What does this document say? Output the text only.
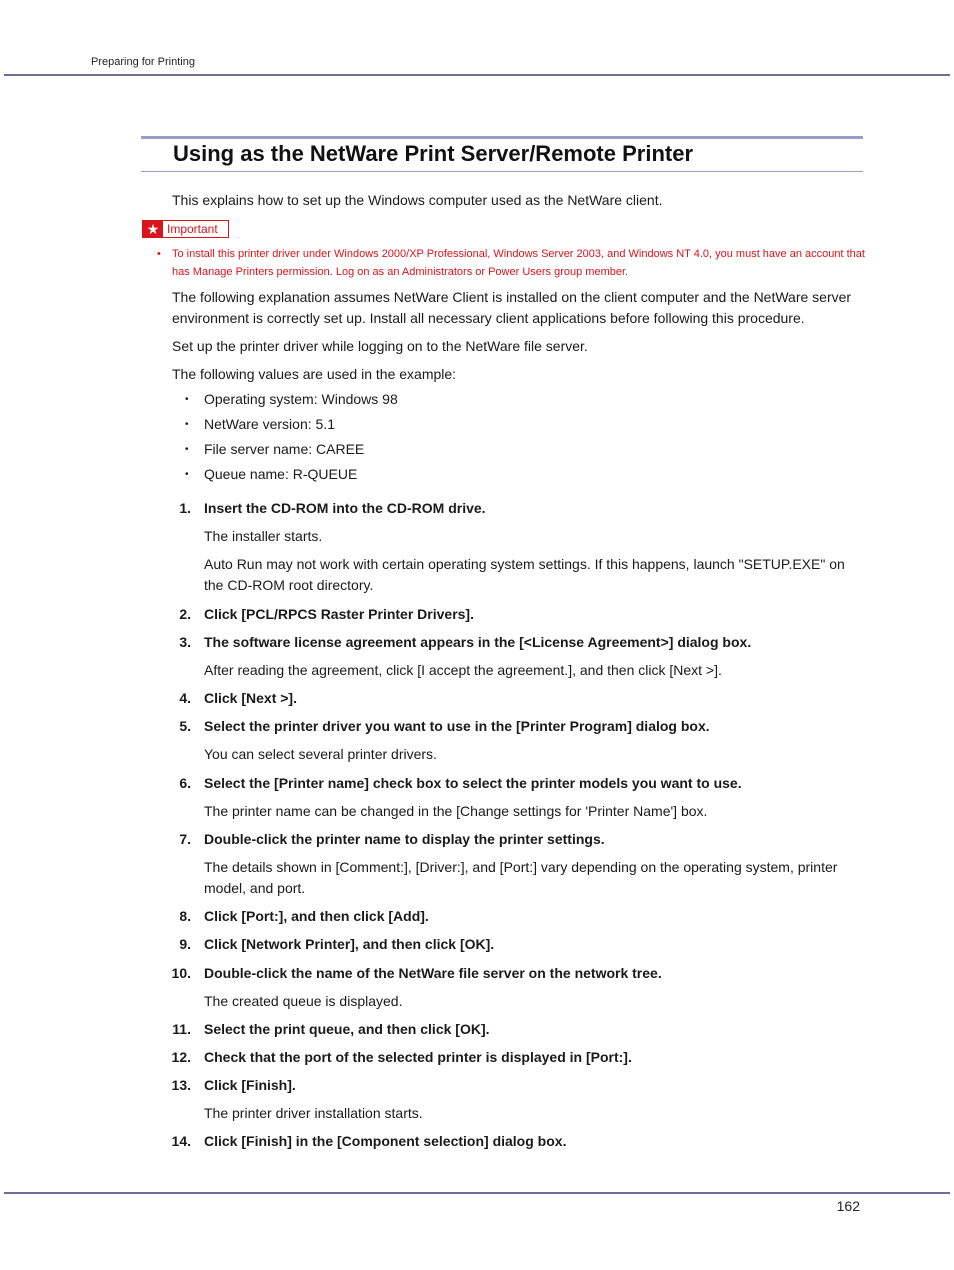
Preparing for Printing
Using as the NetWare Print Server/Remote Printer
This explains how to set up the Windows computer used as the NetWare client.
★ Important
• To install this printer driver under Windows 2000/XP Professional, Windows Server 2003, and Windows NT 4.0, you must have an account that has Manage Printers permission. Log on as an Administrators or Power Users group member.
The following explanation assumes NetWare Client is installed on the client computer and the NetWare server environment is correctly set up. Install all necessary client applications before following this procedure.
Set up the printer driver while logging on to the NetWare file server.
The following values are used in the example:
• Operating system: Windows 98
• NetWare version: 5.1
• File server name: CAREE
• Queue name: R-QUEUE
1. Insert the CD-ROM into the CD-ROM drive.
The installer starts.
Auto Run may not work with certain operating system settings. If this happens, launch "SETUP.EXE" on the CD-ROM root directory.
2. Click [PCL/RPCS Raster Printer Drivers].
3. The software license agreement appears in the [<License Agreement>] dialog box.
After reading the agreement, click [I accept the agreement.], and then click [Next >].
4. Click [Next >].
5. Select the printer driver you want to use in the [Printer Program] dialog box.
You can select several printer drivers.
6. Select the [Printer name] check box to select the printer models you want to use.
The printer name can be changed in the [Change settings for 'Printer Name'] box.
7. Double-click the printer name to display the printer settings.
The details shown in [Comment:], [Driver:], and [Port:] vary depending on the operating system, printer model, and port.
8. Click [Port:], and then click [Add].
9. Click [Network Printer], and then click [OK].
10. Double-click the name of the NetWare file server on the network tree.
The created queue is displayed.
11. Select the print queue, and then click [OK].
12. Check that the port of the selected printer is displayed in [Port:].
13. Click [Finish].
The printer driver installation starts.
14. Click [Finish] in the [Component selection] dialog box.
162
